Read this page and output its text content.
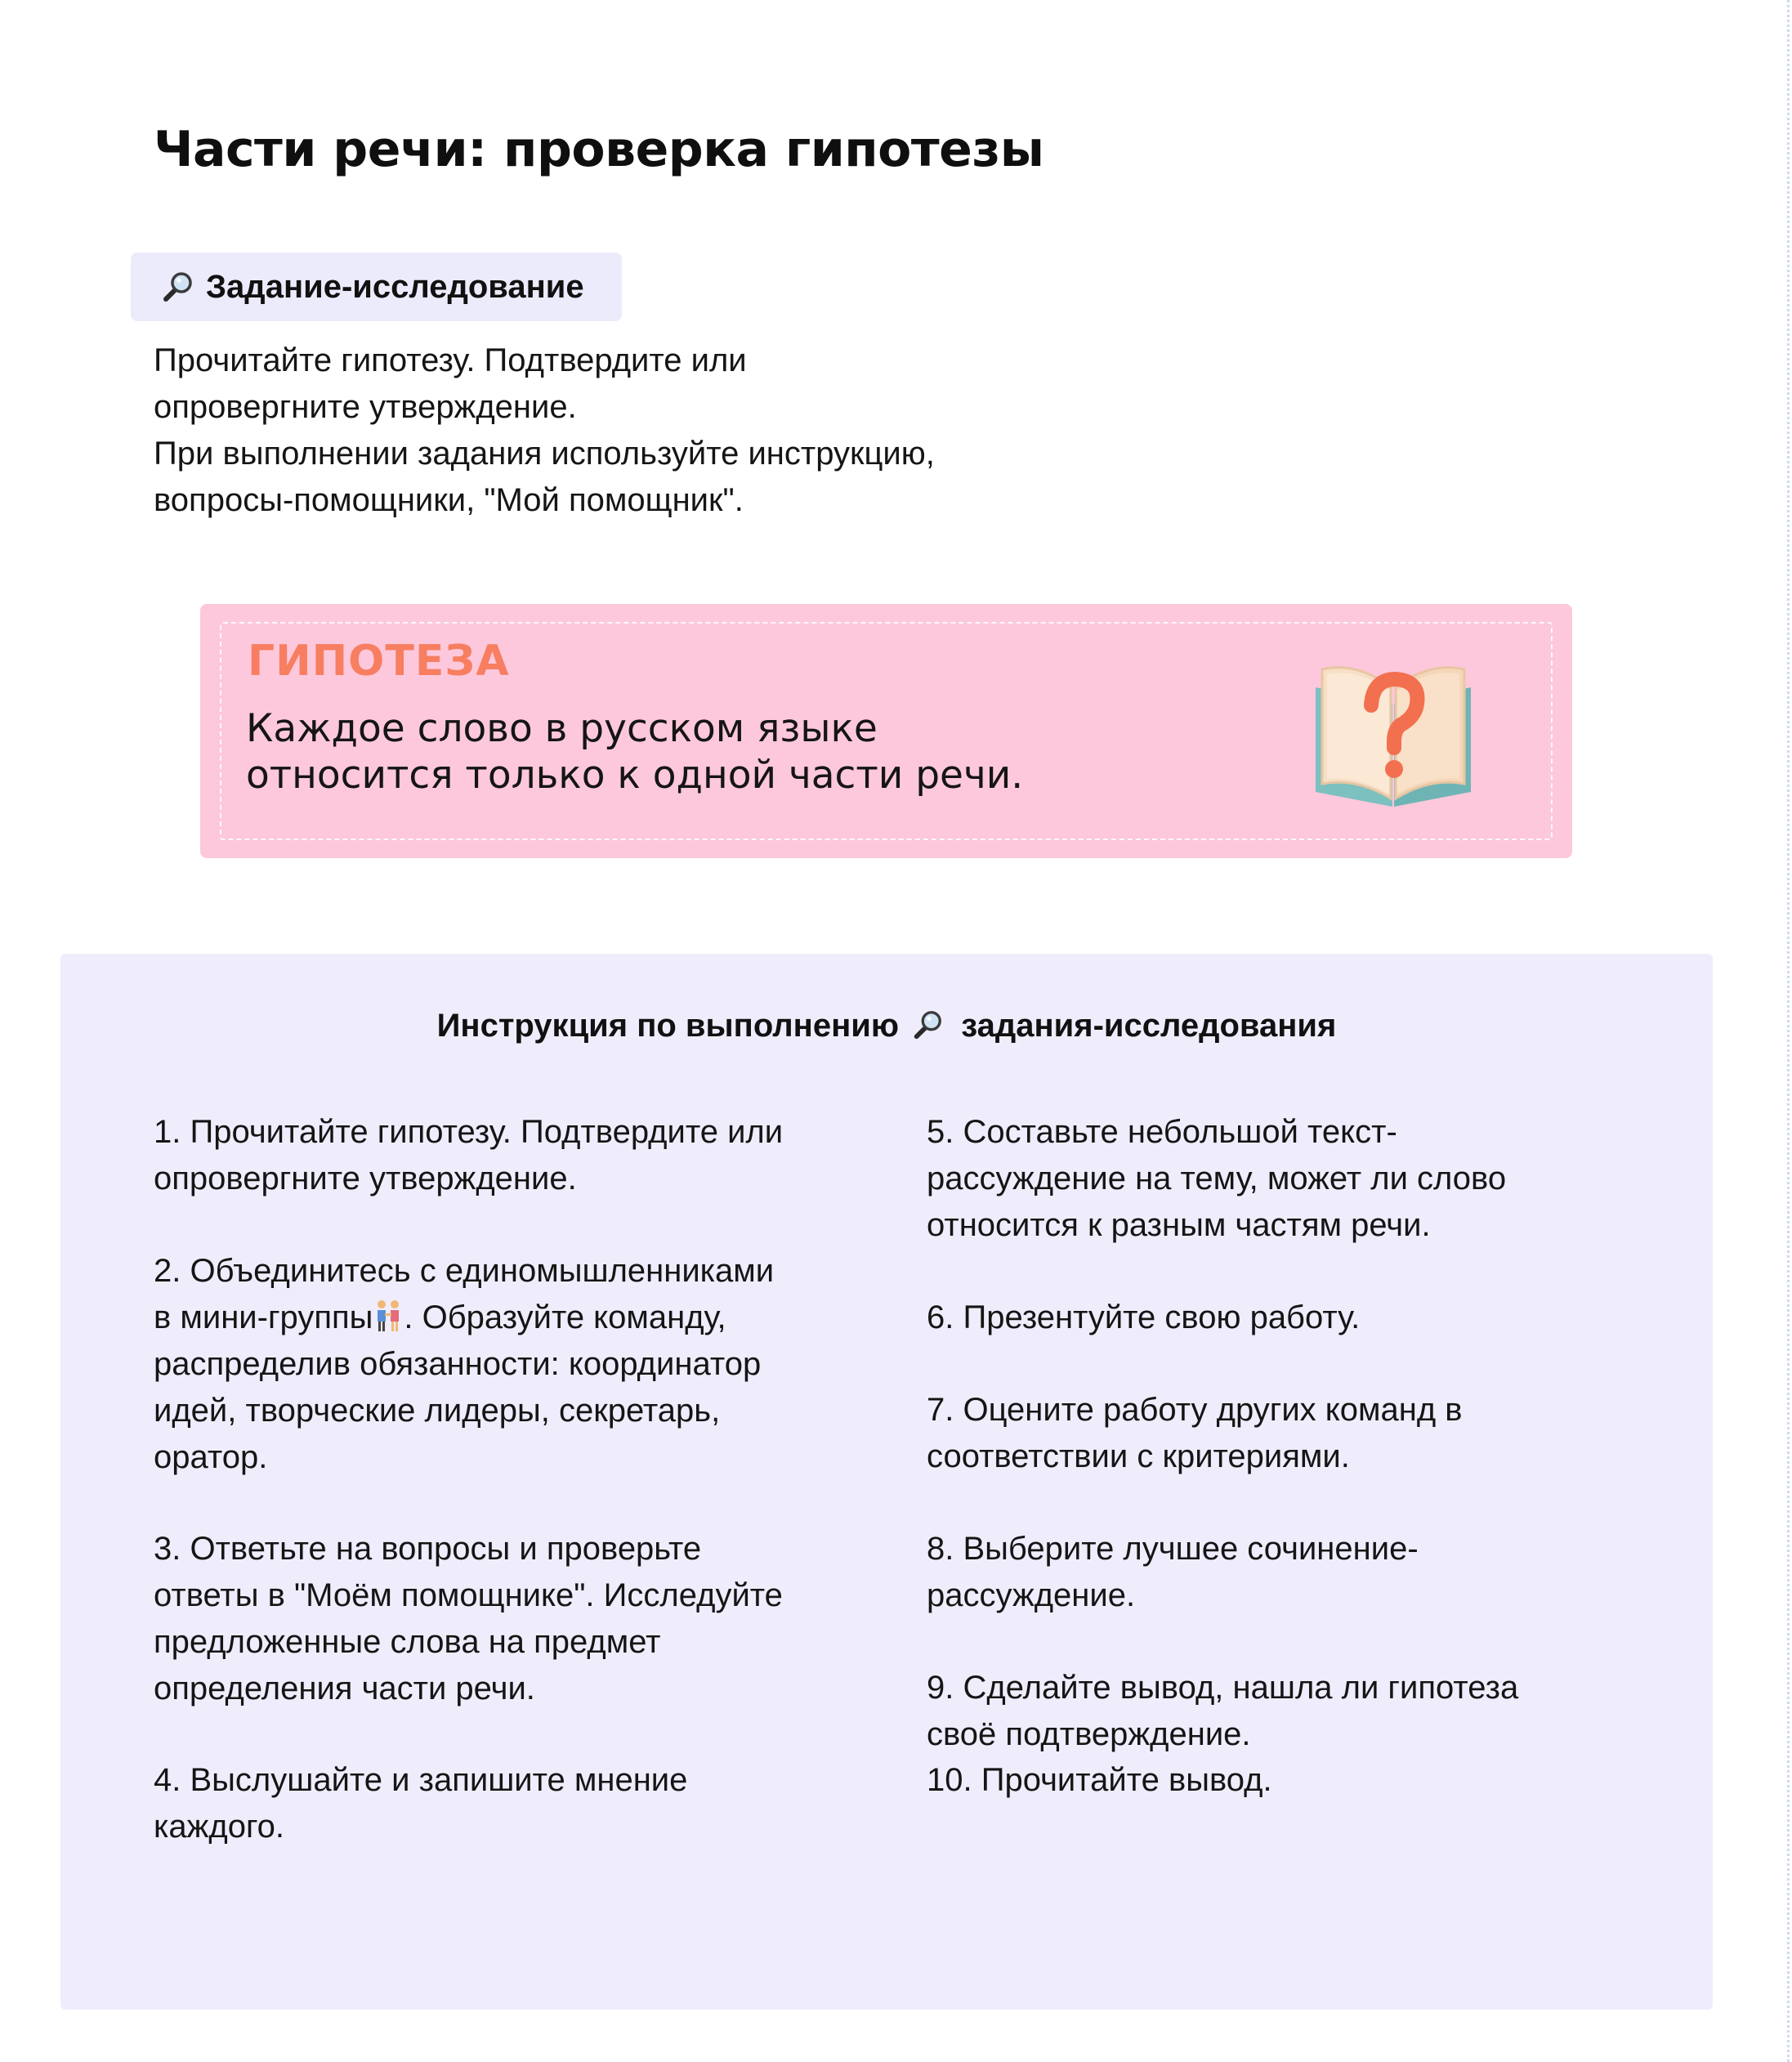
Части речи: проверка гипотезы
Задание-исследование

Прочитайте гипотезу. Подтвердите или

опровергните утверждение.

При выполнении задания используйте инструкцию,

вопросы-помощники, "Мой помощник".

ГИПОТЕЗА
Каждое слово в русском языке
относится только к одной части речи.
Инструкция по выполнению задания-исследования

1. Прочитайте гипотезу. Подтвердите или
опровергните утверждение.

2. Объединитесь с единомышленниками
в мини-группы . Образуйте команду,
распределив обязанности: координатор
идей, творческие лидеры, секретарь,
оратор.

3. Ответьте на вопросы и проверьте
ответы в "Моём помощнике". Исследуйте
предложенные слова на предмет
определения части речи.

4. Выслушайте и запишите мнение
каждого.

5. Составьте небольшой текст-
рассуждение на тему, может ли слово
относится к разным частям речи.

6. Презентуйте свою работу.

7. Оцените работу других команд в
соответствии с критериями.

8. Выберите лучшее сочинение-
рассуждение.

9. Сделайте вывод, нашла ли гипотеза
своё подтверждение.

10. Прочитайте вывод.
